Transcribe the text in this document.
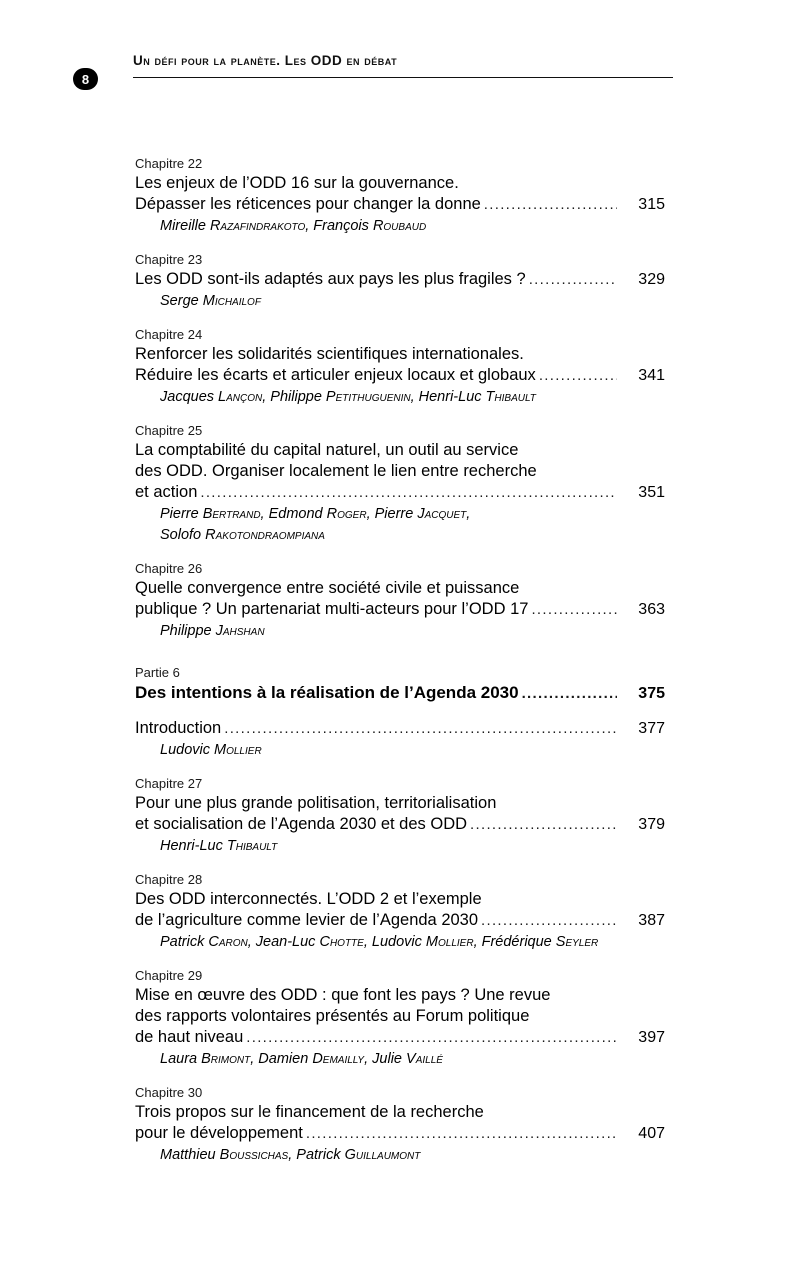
Un défi pour la planète. Les ODD en débat
8
Chapitre 22
Les enjeux de l’ODD 16 sur la gouvernance.
Dépasser les réticences pour changer la donne .....	315
Mireille Razafindrakoto, François Roubaud
Chapitre 23
Les ODD sont-ils adaptés aux pays les plus fragiles ? .....	329
Serge Michailof
Chapitre 24
Renforcer les solidarités scientifiques internationales.
Réduire les écarts et articuler enjeux locaux et globaux .....	341
Jacques Lançon, Philippe Petithuguenin, Henri-Luc Thibault
Chapitre 25
La comptabilité du capital naturel, un outil au service
des ODD. Organiser localement le lien entre recherche
et action .....	351
Pierre Bertrand, Edmond Roger, Pierre Jacquet,
Solofo Rakotondraompiana
Chapitre 26
Quelle convergence entre société civile et puissance
publique ? Un partenariat multi-acteurs pour l’ODD 17 .....	363
Philippe Jahshan
Partie 6
Des intentions à la réalisation de l’Agenda 2030 .....	375
Introduction .....	377
Ludovic Mollier
Chapitre 27
Pour une plus grande politisation, territorialisation
et socialisation de l’Agenda 2030 et des ODD .....	379
Henri-Luc Thibault
Chapitre 28
Des ODD interconnectés. L’ODD 2 et l’exemple
de l’agriculture comme levier de l’Agenda 2030 .....	387
Patrick Caron, Jean-Luc Chotte, Ludovic Mollier, Frédérique Seyler
Chapitre 29
Mise en œuvre des ODD : que font les pays ? Une revue
des rapports volontaires présentés au Forum politique
de haut niveau .....	397
Laura Brimont, Damien Demailly, Julie Vaillé
Chapitre 30
Trois propos sur le financement de la recherche
pour le développement .....	407
Matthieu Boussichas, Patrick Guillaumont
